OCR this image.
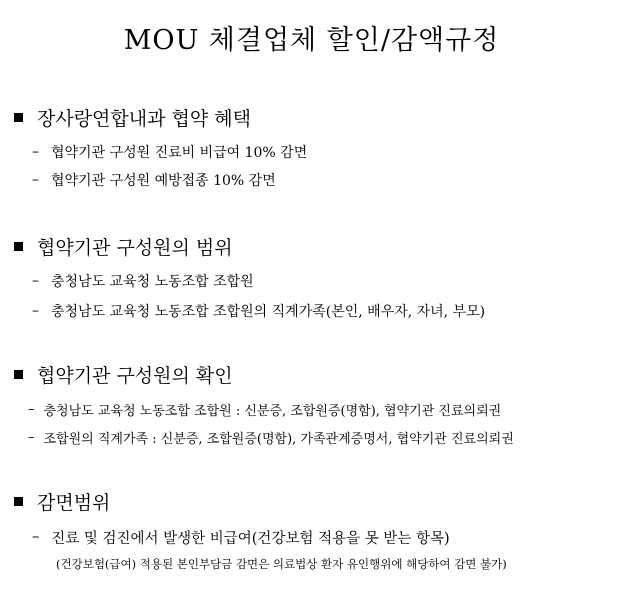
MOU 체결업체 할인/감액규정
장사랑연합내과 협약 혜택
– 협약기관 구성원 진료비 비급여 10% 감면
– 협약기관 구성원 예방접종 10% 감면
협약기관 구성원의 범위
– 충청남도 교육청 노동조합 조합원
– 충청남도 교육청 노동조합 조합원의 직계가족(본인, 배우자, 자녀, 부모)
협약기관 구성원의 확인
– 충청남도 교육청 노동조합 조합원 : 신분증, 조합원증(명함), 협약기관 진료의뢰권
– 조합원의 직계가족 : 신분증, 조합원증(명함), 가족관계증명서, 협약기관 진료의뢰권
감면범위
– 진료 및 검진에서 발생한 비급여(건강보험 적용을 못 받는 항목)
(건강보험(급여) 적용된 본인부담금 감면은 의료법상 환자 유인행위에 해당하여 감면 불가)
